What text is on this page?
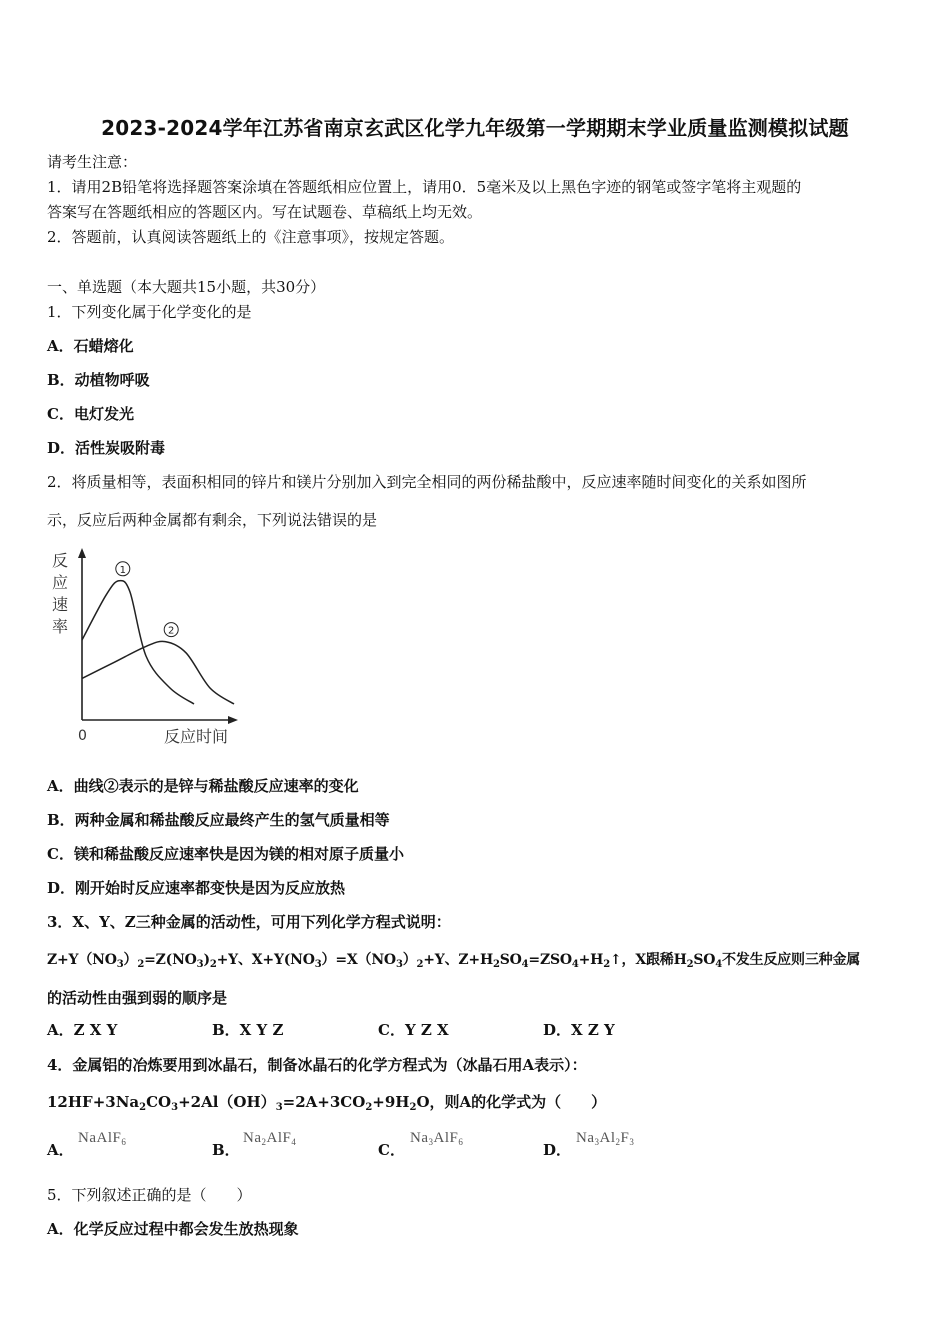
2023-2024学年江苏省南京玄武区化学九年级第一学期期末学业质量监测模拟试题
请考生注意：
1．请用2B铅笔将选择题答案涂填在答题纸相应位置上，请用0．5毫米及以上黑色字迹的钢笔或签字笔将主观题的
答案写在答题纸相应的答题区内。写在试题卷、草稿纸上均无效。
2．答题前，认真阅读答题纸上的《注意事项》，按规定答题。
一、单选题（本大题共15小题，共30分）
1．下列变化属于化学变化的是
A．石蜡熔化
B．动植物呼吸
C．电灯发光
D．活性炭吸附毒
2．将质量相等，表面积相同的锌片和镁片分别加入到完全相同的两份稀盐酸中，反应速率随时间变化的关系如图所
示，反应后两种金属都有剩余，下列说法错误的是
反
应
速
率
0	反应时间
1
2
A．曲线②表示的是锌与稀盐酸反应速率的变化
B．两种金属和稀盐酸反应最终产生的氢气质量相等
C．镁和稀盐酸反应速率快是因为镁的相对原子质量小
D．刚开始时反应速率都变快是因为反应放热
3．X、Y、Z三种金属的活动性，可用下列化学方程式说明：
$Z+Y(NO_3)_2=Z(NO_3)_2+Y$、$X+Y(NO_3)=X(NO_3)_2+Y$、$Z+H_2SO_4=ZSO_4+H_2↑$，X跟稀$H_2SO_4$不发生反应则三种金属
的活动性由强到弱的顺序是
A．Z X Y	B．X Y Z	C．Y Z X	D．X Z Y
4．金属铝的冶炼要用到冰晶石，制备冰晶石的化学方程式为（冰晶石用A表示）：
$12HF+3Na_2CO_3+2Al(OH)_3=2A+3CO_2+9H_2O$，则A的化学式为（　　）
A．
NaAlF$_6$	B．
$Na_2AlF_4$	C．
$Na_3AlF_6$	D．
$Na_3Al_2F_3$
5．下列叙述正确的是（　　）
A．化学反应过程中都会发生放热现象
